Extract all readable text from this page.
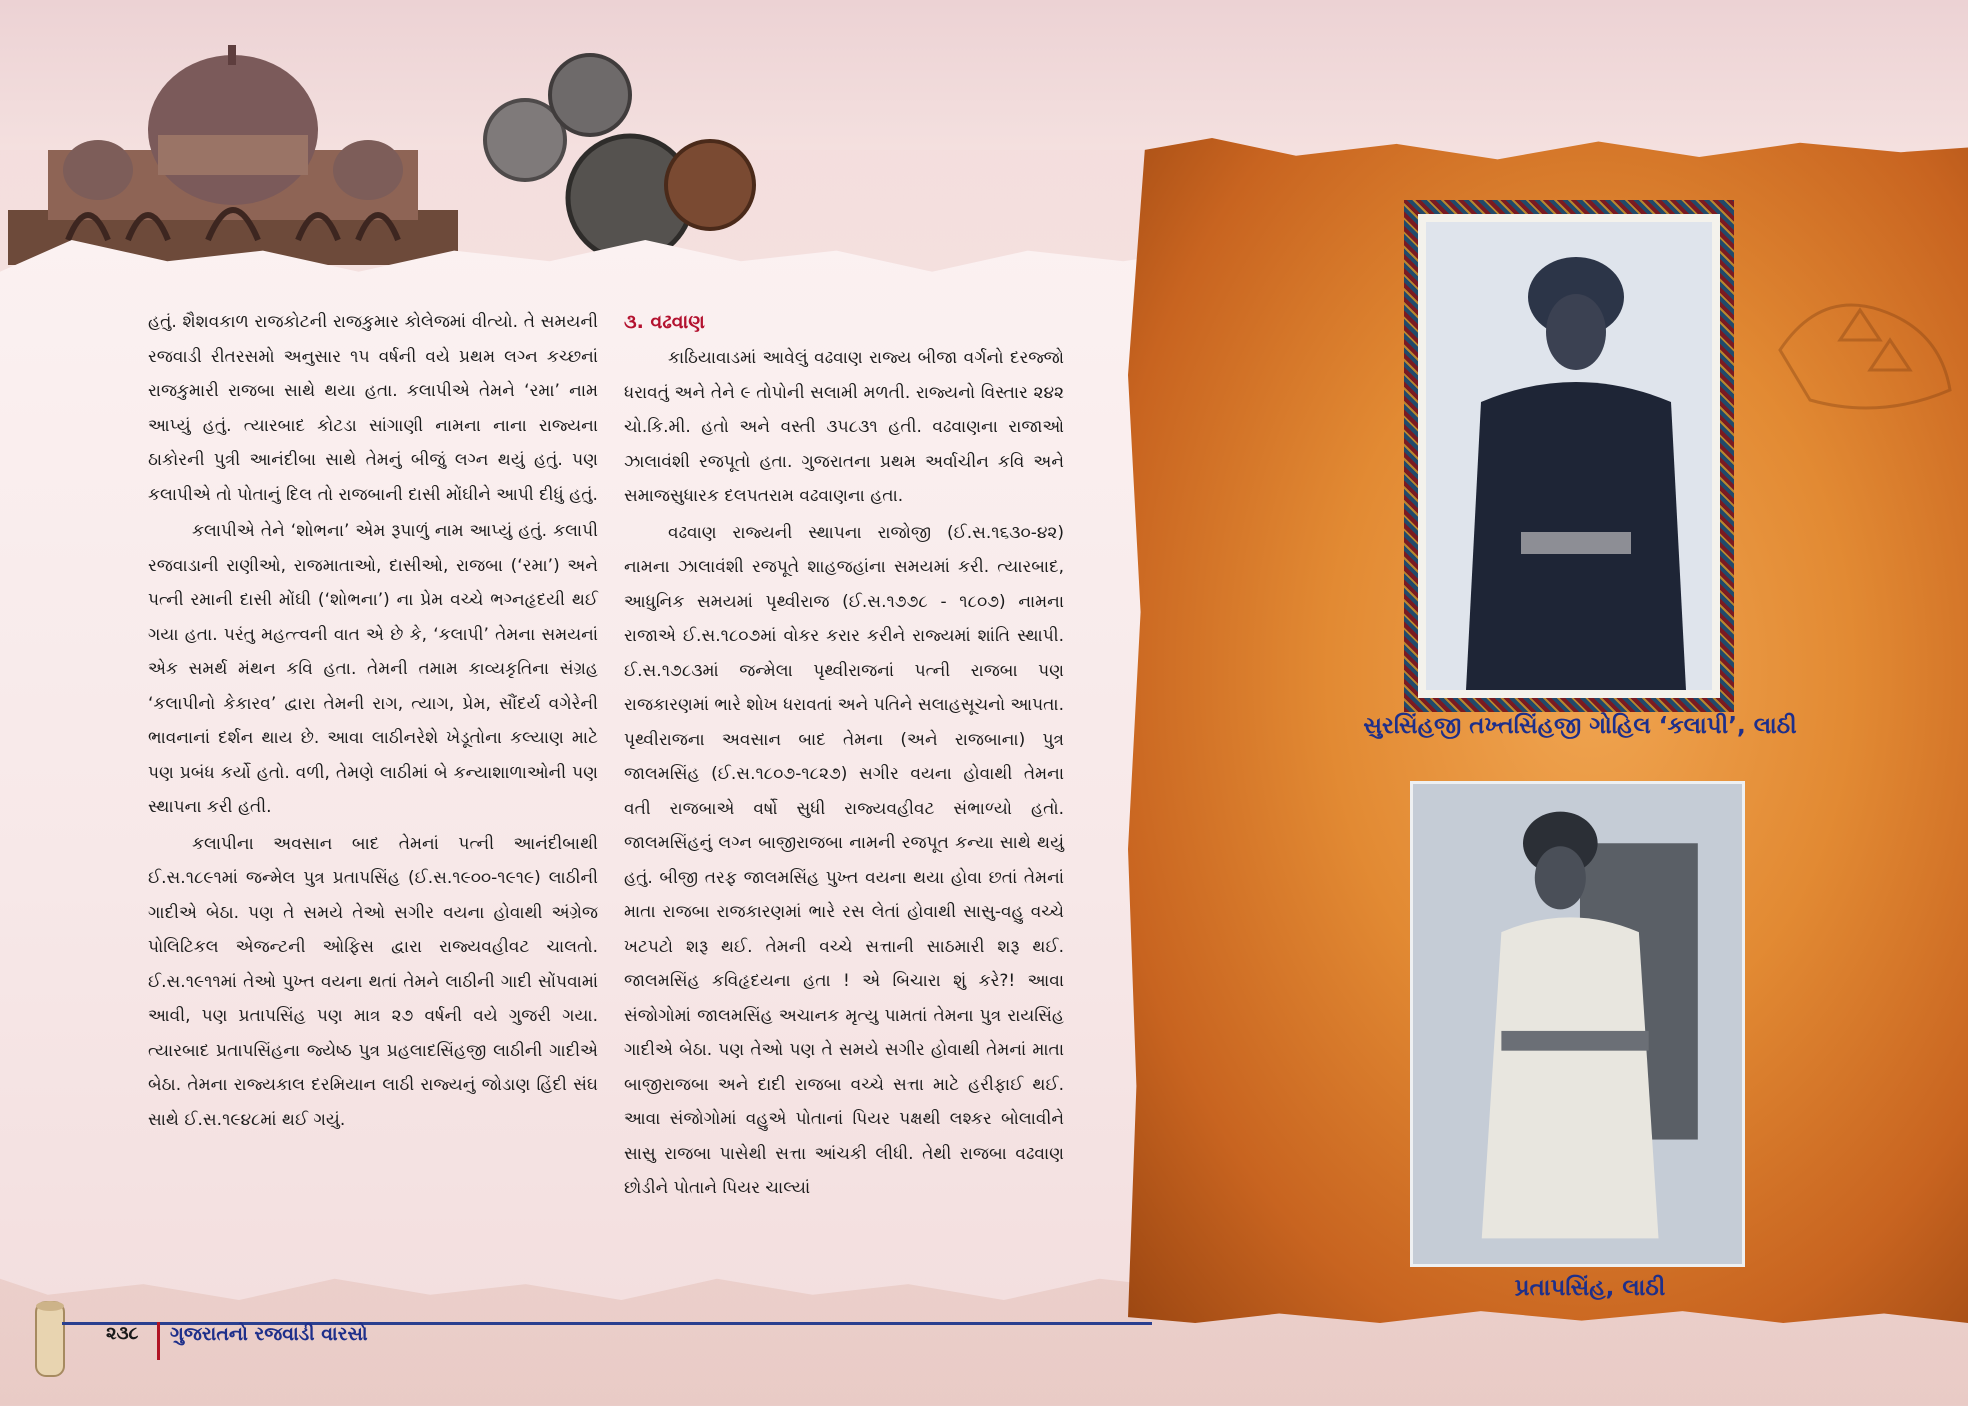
હતું. શૈશવકાળ રાજકોટની રાજકુમાર કોલેજમાં વીત્યો. તે સમયની રજવાડી રીતરસમો અનુસાર ૧૫ વર્ષની વયે પ્રથમ લગ્ન કચ્છનાં રાજકુમારી રાજબા સાથે થયા હતા. કલાપીએ તેમને ‘રમા’ નામ આપ્યું હતું. ત્યારબાદ કોટડા સાંગાણી નામના નાના રાજ્યના ઠાકોરની પુત્રી આનંદીબા સાથે તેમનું બીજું લગ્ન થયું હતું. પણ કલાપીએ તો પોતાનું દિલ તો રાજબાની દાસી મોંઘીને આપી દીધું હતું.

કલાપીએ તેને ‘શોભના’ એમ રૂપાળું નામ આપ્યું હતું. કલાપી રજવાડાની રાણીઓ, રાજમાતાઓ, દાસીઓ, રાજબા (‘રમા’) અને પત્ની રમાની દાસી મોંઘી (‘શોભના’) ના પ્રેમ વચ્ચે ભગ્નહૃદયી થઈ ગયા હતા. પરંતુ મહત્ત્વની વાત એ છે કે, ‘કલાપી’ તેમના સમયનાં એક સમર્થ મંથન કવિ હતા. તેમની તમામ કાવ્યકૃતિના સંગ્રહ ‘કલાપીનો કેકારવ’ દ્વારા તેમની રાગ, ત્યાગ, પ્રેમ, સૌંદર્ય વગેરેની ભાવનાનાં દર્શન થાય છે. આવા લાઠીનરેશે ખેડૂતોના કલ્યાણ માટે પણ પ્રબંધ કર્યો હતો. વળી, તેમણે લાઠીમાં બે કન્યાશાળાઓની પણ સ્થાપના કરી હતી.

કલાપીના અવસાન બાદ તેમનાં પત્ની આનંદીબાથી ઈ.સ.૧૮૯૧માં જન્મેલ પુત્ર પ્રતાપસિંહ (ઈ.સ.૧૯૦૦-૧૯૧૯) લાઠીની ગાદીએ બેઠા. પણ તે સમયે તેઓ સગીર વયના હોવાથી અંગ્રેજ પોલિટિકલ એજન્ટની ઓફિસ દ્વારા રાજ્યવહીવટ ચાલતો. ઈ.સ.૧૯૧૧માં તેઓ પુખ્ત વયના થતાં તેમને લાઠીની ગાદી સોંપવામાં આવી, પણ પ્રતાપસિંહ પણ માત્ર ૨૭ વર્ષની વયે ગુજરી ગયા. ત્યારબાદ પ્રતાપસિંહના જ્યેષ્ઠ પુત્ર પ્રહલાદસિંહજી લાઠીની ગાદીએ બેઠા. તેમના રાજ્યકાલ દરમિયાન લાઠી રાજ્યનું જોડાણ હિંદી સંઘ સાથે ઈ.સ.૧૯૪૮માં થઈ ગયું.

૩. વઢવાણ

કાઠિયાવાડમાં આવેલું વઢવાણ રાજ્ય બીજા વર્ગનો દરજ્જો ધરાવતું અને તેને ૯ તોપોની સલામી મળતી. રાજ્યનો વિસ્તાર ૨૪૨ ચો.કિ.મી. હતો અને વસ્તી ૩૫૮૩૧ હતી. વઢવાણના રાજાઓ ઝાલાવંશી રજપૂતો હતા. ગુજરાતના પ્રથમ અર્વાચીન કવિ અને સમાજસુધારક દલપતરામ વઢવાણના હતા.

વઢવાણ રાજ્યની સ્થાપના રાજોજી (ઈ.સ.૧૬૩૦-૪૨) નામના ઝાલાવંશી રજપૂતે શાહજહાંના સમયમાં કરી. ત્યારબાદ, આધુનિક સમયમાં પૃથ્વીરાજ (ઈ.સ.૧૭૭૮ - ૧૮૦૭) નામના રાજાએ ઈ.સ.૧૮૦૭માં વોકર કરાર કરીને રાજ્યમાં શાંતિ સ્થાપી. ઈ.સ.૧૭૮૩માં જન્મેલા પૃથ્વીરાજનાં પત્ની રાજબા પણ રાજકારણમાં ભારે શોખ ધરાવતાં અને પતિને સલાહસૂચનો આપતા. પૃથ્વીરાજના અવસાન બાદ તેમના (અને રાજબાના) પુત્ર જાલમસિંહ (ઈ.સ.૧૮૦૭-૧૮૨૭) સગીર વયના હોવાથી તેમના વતી રાજબાએ વર્ષો સુધી રાજ્યવહીવટ સંભાળ્યો હતો. જાલમસિંહનું લગ્ન બાજીરાજબા નામની રજપૂત કન્યા સાથે થયું હતું. બીજી તરફ જાલમસિંહ પુખ્ત વયના થયા હોવા છતાં તેમનાં માતા રાજબા રાજકારણમાં ભારે રસ લેતાં હોવાથી સાસુ-વહુ વચ્ચે ખટપટો શરૂ થઈ. તેમની વચ્ચે સત્તાની સાઠમારી શરૂ થઈ. જાલમસિંહ કવિહૃદયના હતા ! એ બિચારા શું કરે?! આવા સંજોગોમાં જાલમસિંહ અચાનક મૃત્યુ પામતાં તેમના પુત્ર રાયસિંહ ગાદીએ બેઠા. પણ તેઓ પણ તે સમયે સગીર હોવાથી તેમનાં માતા બાજીરાજબા અને દાદી રાજબા વચ્ચે સત્તા માટે હરીફાઈ થઈ. આવા સંજોગોમાં વહુએ પોતાનાં પિયર પક્ષથી લશ્કર બોલાવીને સાસુ રાજબા પાસેથી સત્તા આંચકી લીધી. તેથી રાજબા વઢવાણ છોડીને પોતાને પિયર ચાલ્યાં

સુરસિંહજી તખ્તસિંહજી ગોહિલ ‘કલાપી’, લાઠી
પ્રતાપસિંહ, લાઠી
૨૩૮ ગુજરાતનો રજવાડી વારસો
